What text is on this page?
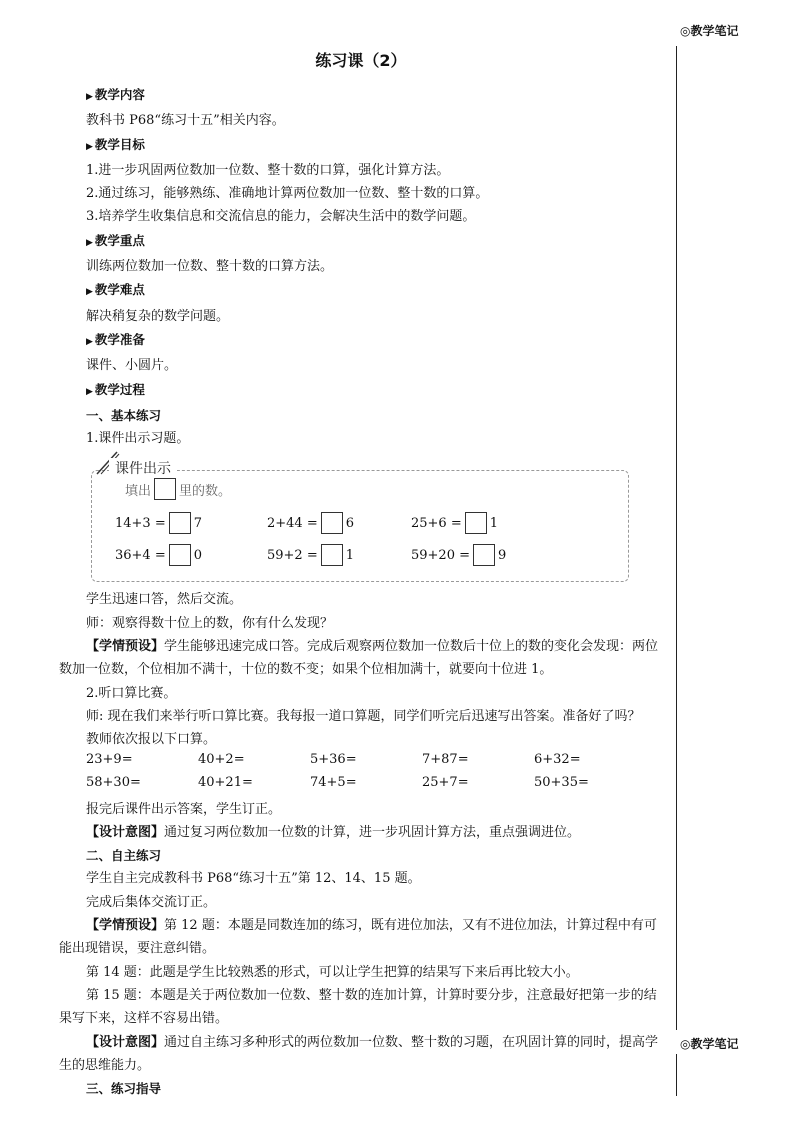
◎教学笔记
◎教学笔记
练习课（2）
▶ 教学内容
教科书 P68“练习十五”相关内容。
▶ 教学目标
1.进一步巩固两位数加一位数、整十数的口算，强化计算方法。
2.通过练习，能够熟练、准确地计算两位数加一位数、整十数的口算。
3.培养学生收集信息和交流信息的能力，会解决生活中的数学问题。
▶ 教学重点
训练两位数加一位数、整十数的口算方法。
▶ 教学难点
解决稍复杂的数学问题。
▶ 教学准备
课件、小圆片。
▶ 教学过程
一、基本练习
1.课件出示习题。
课件出示
填出 里的数。
14+3 = 7	2+44 = 6	25+6 = 1
36+4 = 0	59+2 = 1	59+20 = 9
学生迅速口答，然后交流。
师：观察得数十位上的数，你有什么发现？
【学情预设】学生能够迅速完成口答。完成后观察两位数加一位数后十位上的数的变化会发现：两位数加一位数，个位相加不满十，十位的数不变；如果个位相加满十，就要向十位进 1。
2.听口算比赛。
师: 现在我们来举行听口算比赛。我每报一道口算题，同学们听完后迅速写出答案。准备好了吗？
教师依次报以下口算。
23+9=	40+2=	5+36=	7+87=	6+32=
58+30=	40+21=	74+5=	25+7=	50+35=
报完后课件出示答案，学生订正。
【设计意图】通过复习两位数加一位数的计算，进一步巩固计算方法，重点强调进位。
二、自主练习
学生自主完成教科书 P68“练习十五”第 12、14、15 题。
完成后集体交流订正。
【学情预设】第 12 题：本题是同数连加的练习，既有进位加法，又有不进位加法，计算过程中有可能出现错误，要注意纠错。
第 14 题：此题是学生比较熟悉的形式，可以让学生把算的结果写下来后再比较大小。
第 15 题：本题是关于两位数加一位数、整十数的连加计算，计算时要分步，注意最好把第一步的结果写下来，这样不容易出错。
【设计意图】通过自主练习多种形式的两位数加一位数、整十数的习题，在巩固计算的同时，提高学生的思维能力。
三、练习指导
